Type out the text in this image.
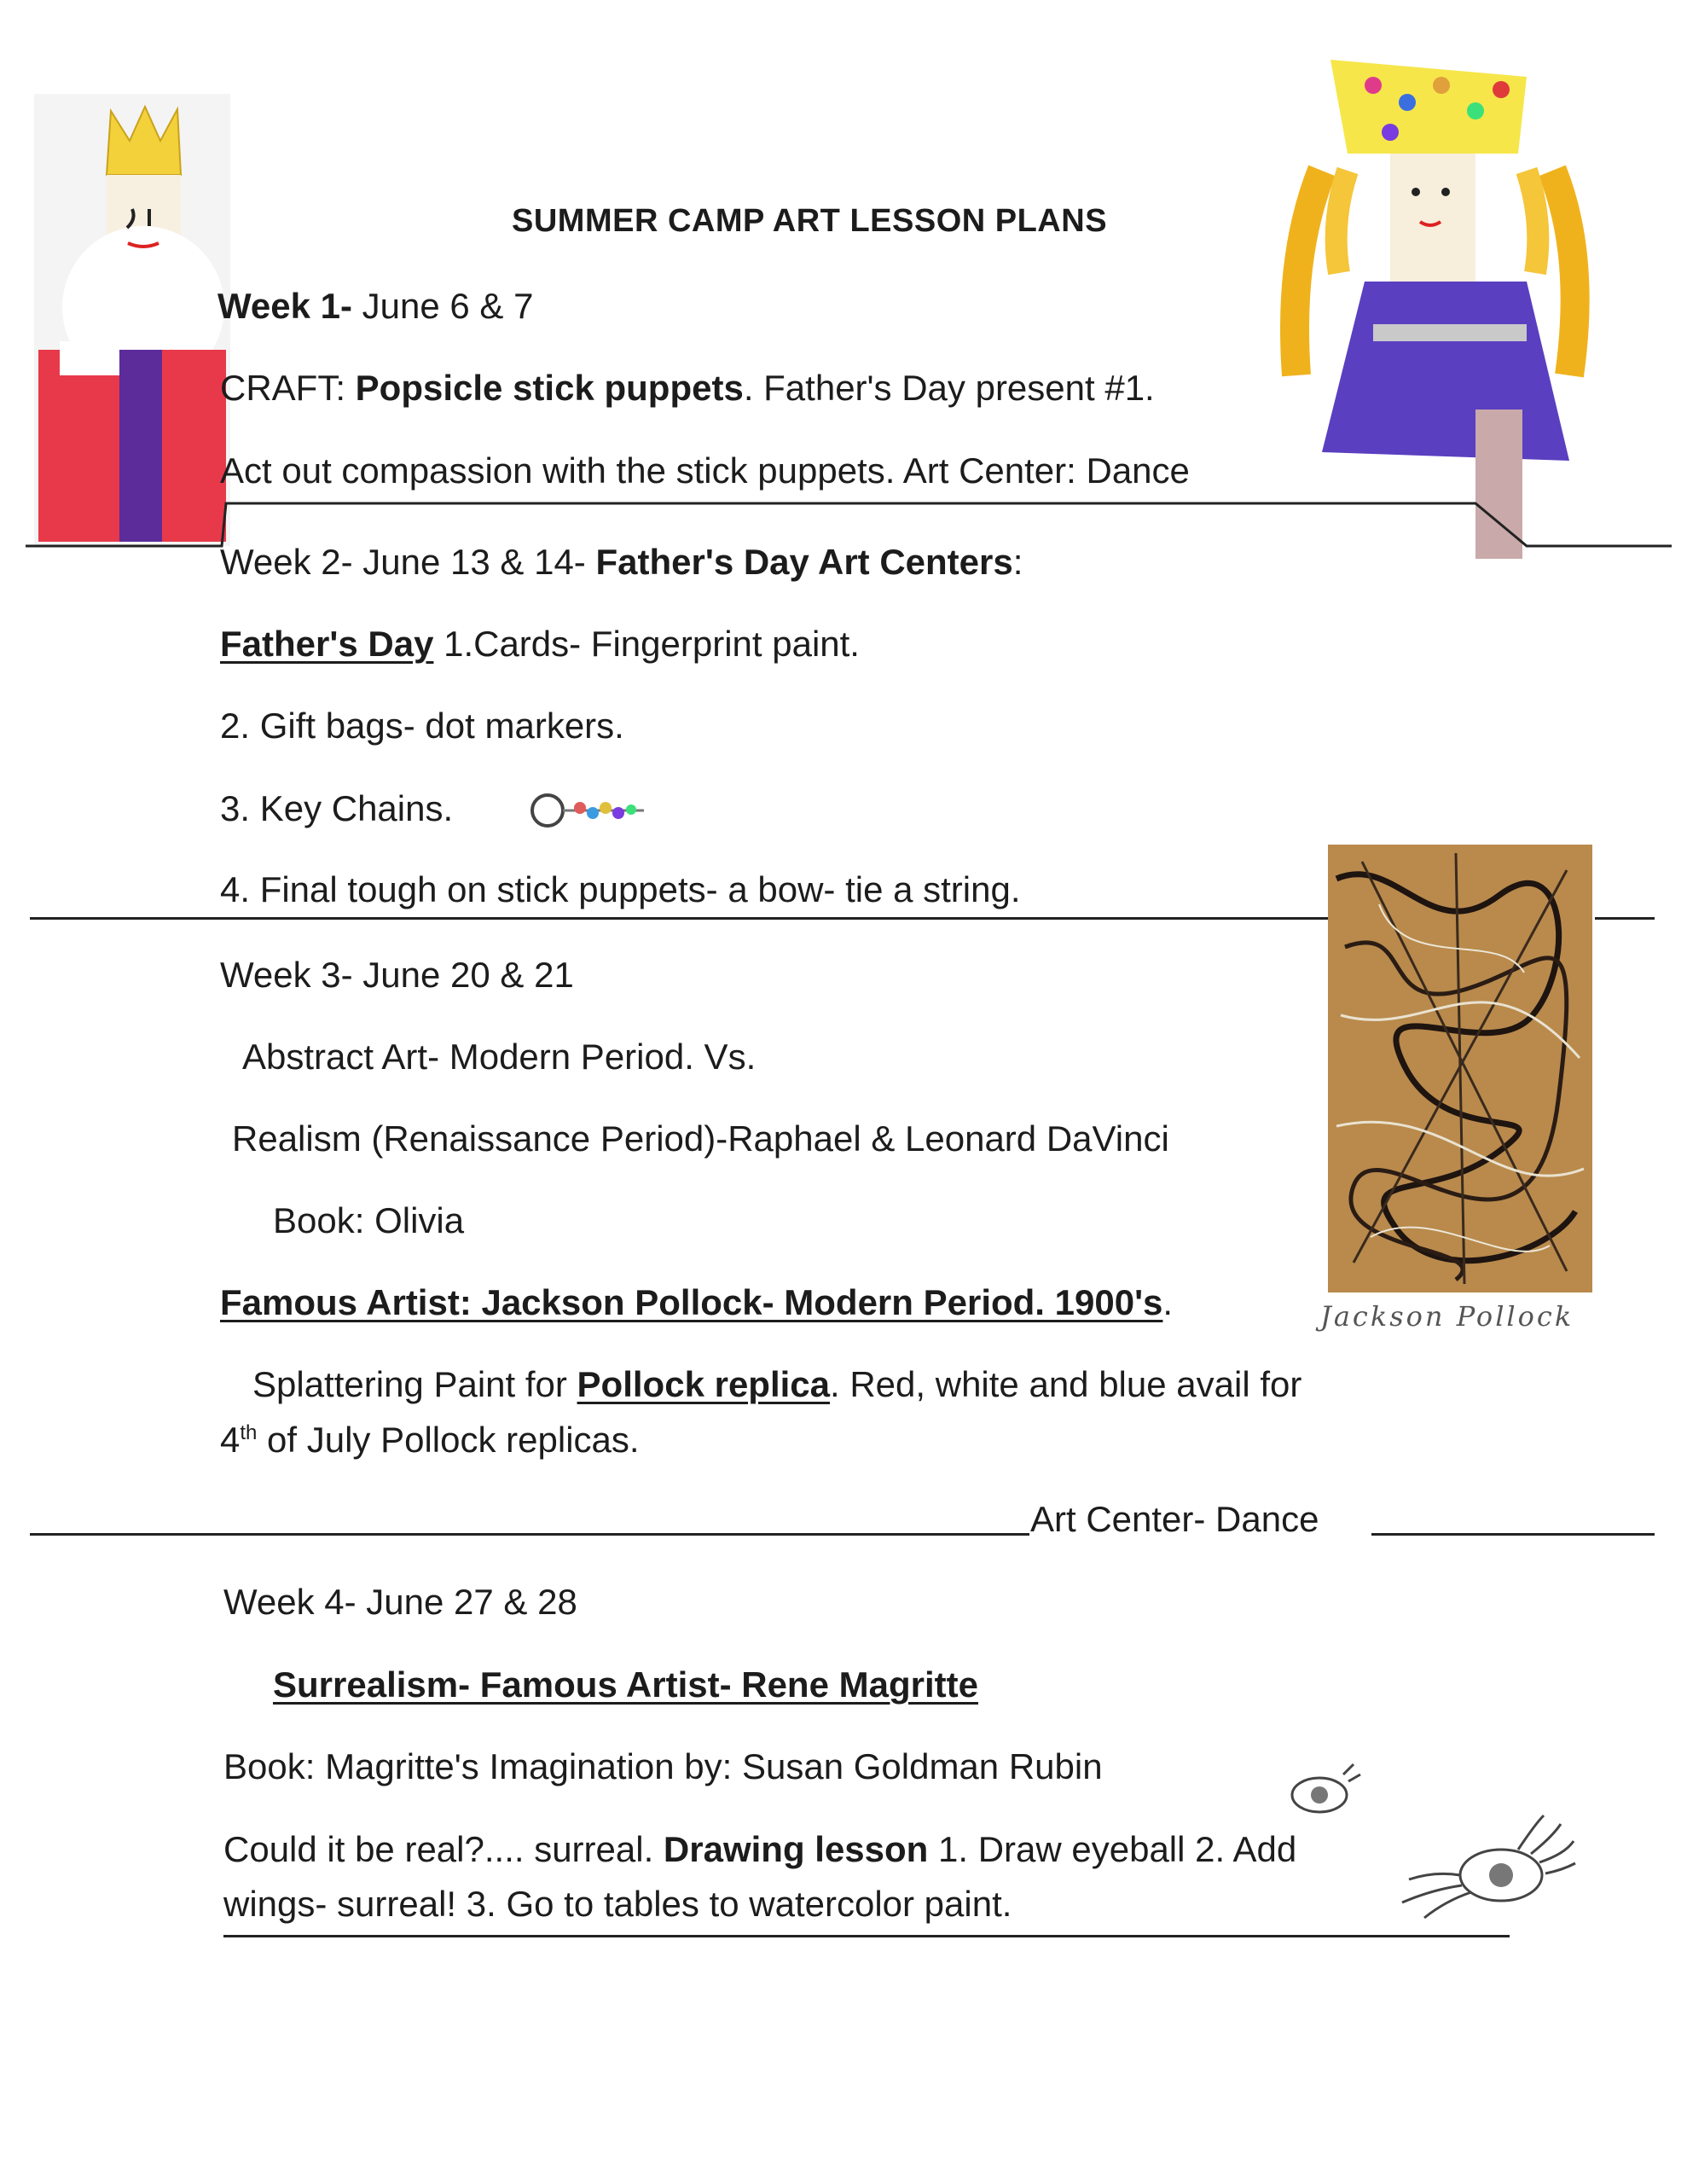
SUMMER CAMP ART LESSON PLANS
Week 1- June 6 & 7
CRAFT: Popsicle stick puppets. Father's Day present #1.
Act out compassion with the stick puppets. Art Center: Dance
Week 2- June 13 & 14- Father's Day Art Centers:
Father's Day 1.Cards- Fingerprint paint.
2. Gift bags- dot markers.
3. Key Chains.
4. Final tough on stick puppets- a bow- tie a string.
Jackson Pollock
Week 3- June 20 & 21
Abstract Art- Modern Period. Vs.
Realism (Renaissance Period)-Raphael & Leonard DaVinci
Book: Olivia
Famous Artist: Jackson Pollock- Modern Period. 1900's.
Splattering Paint for Pollock replica. Red, white and blue avail for
4th of July Pollock replicas.
Art Center- Dance
Week 4- June 27 & 28
Surrealism- Famous Artist- Rene Magritte
Book: Magritte's Imagination by: Susan Goldman Rubin
Could it be real?.... surreal. Drawing lesson 1. Draw eyeball 2. Add
wings- surreal! 3. Go to tables to watercolor paint.
